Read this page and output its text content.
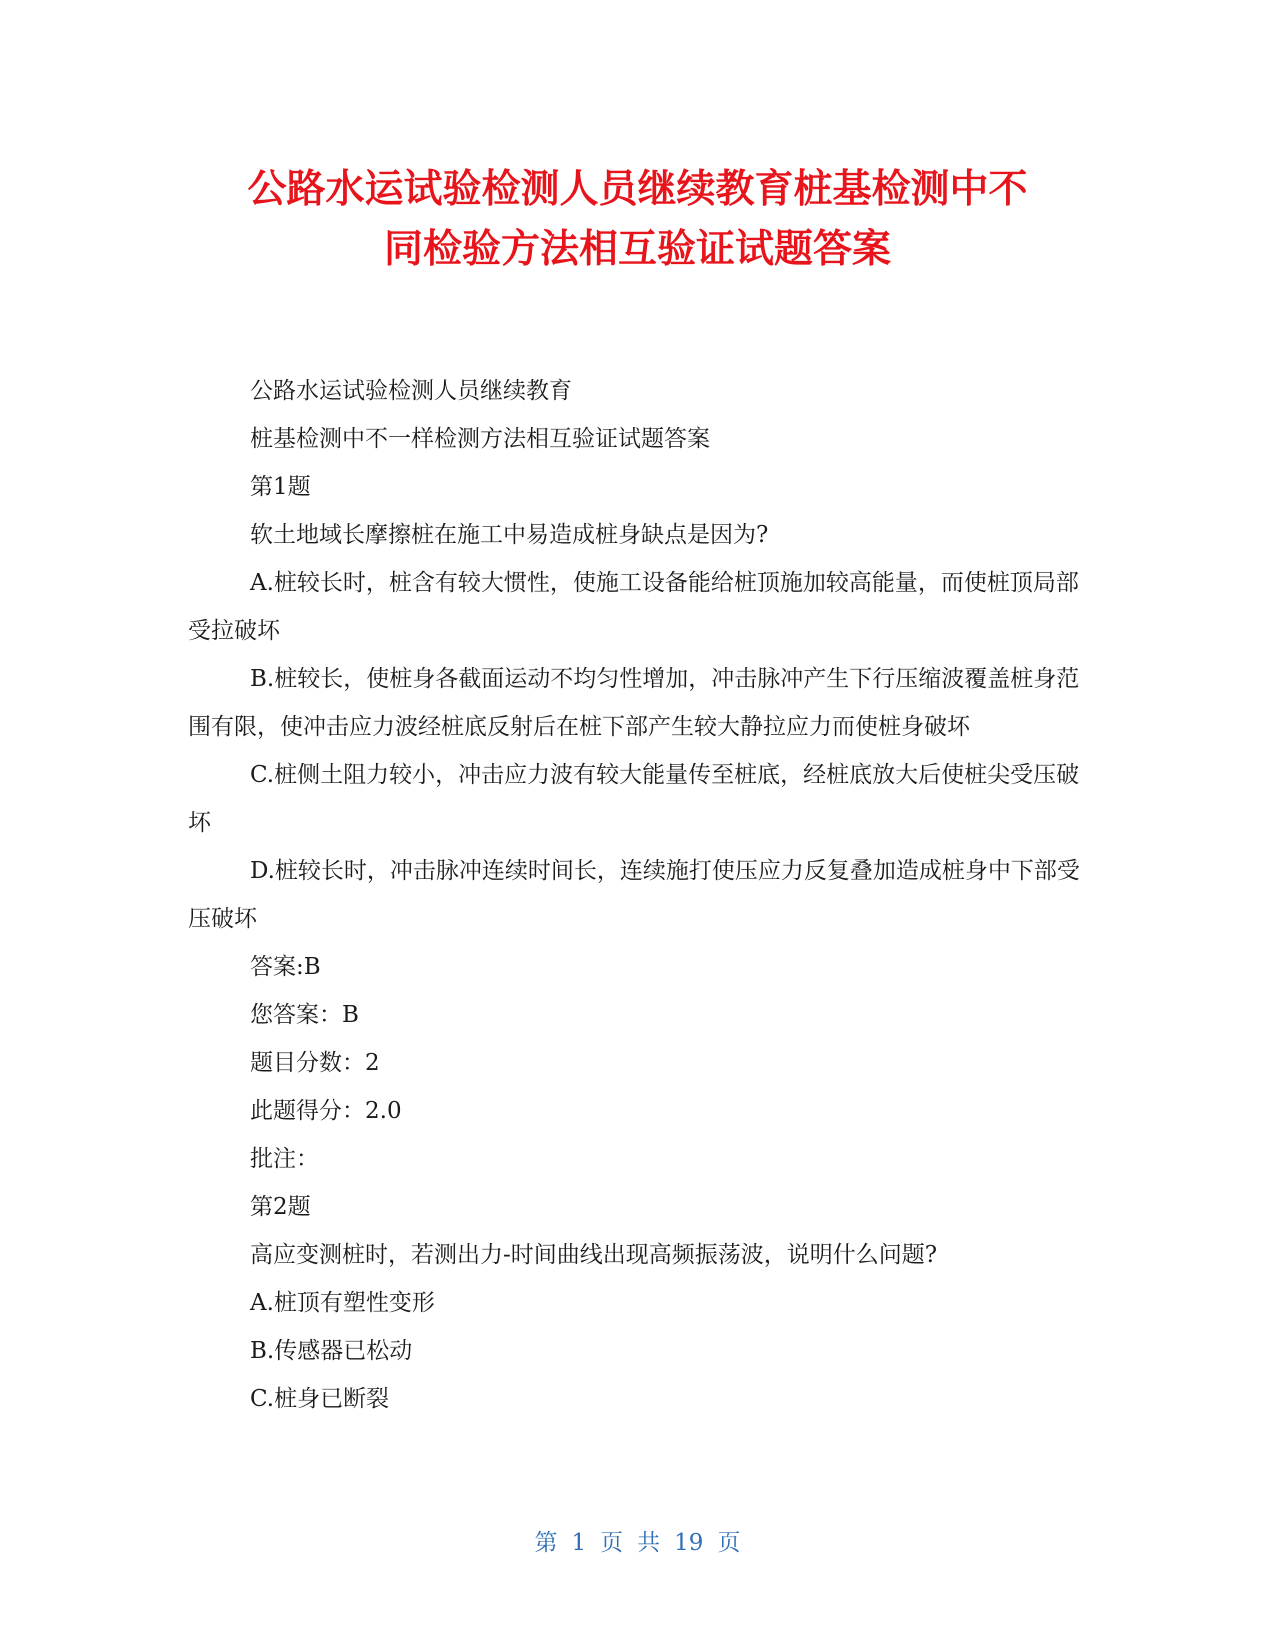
公路水运试验检测人员继续教育桩基检测中不
同检验方法相互验证试题答案

公路水运试验检测人员继续教育

桩基检测中不一样检测方法相互验证试题答案

第1题

软土地域长摩擦桩在施工中易造成桩身缺点是因为?

A.桩较长时，桩含有较大惯性，使施工设备能给桩顶施加较高能量，而使桩顶局部受拉破坏

B.桩较长，使桩身各截面运动不均匀性增加，冲击脉冲产生下行压缩波覆盖桩身范围有限，使冲击应力波经桩底反射后在桩下部产生较大静拉应力而使桩身破坏

C.桩侧土阻力较小，冲击应力波有较大能量传至桩底，经桩底放大后使桩尖受压破坏

D.桩较长时，冲击脉冲连续时间长，连续施打使压应力反复叠加造成桩身中下部受压破坏

答案:B

您答案：B

题目分数：2

此题得分：2.0

批注：

第2题

高应变测桩时，若测出力-时间曲线出现高频振荡波，说明什么问题?

A.桩顶有塑性变形

B.传感器已松动

C.桩身已断裂

第 1 页 共 19 页
